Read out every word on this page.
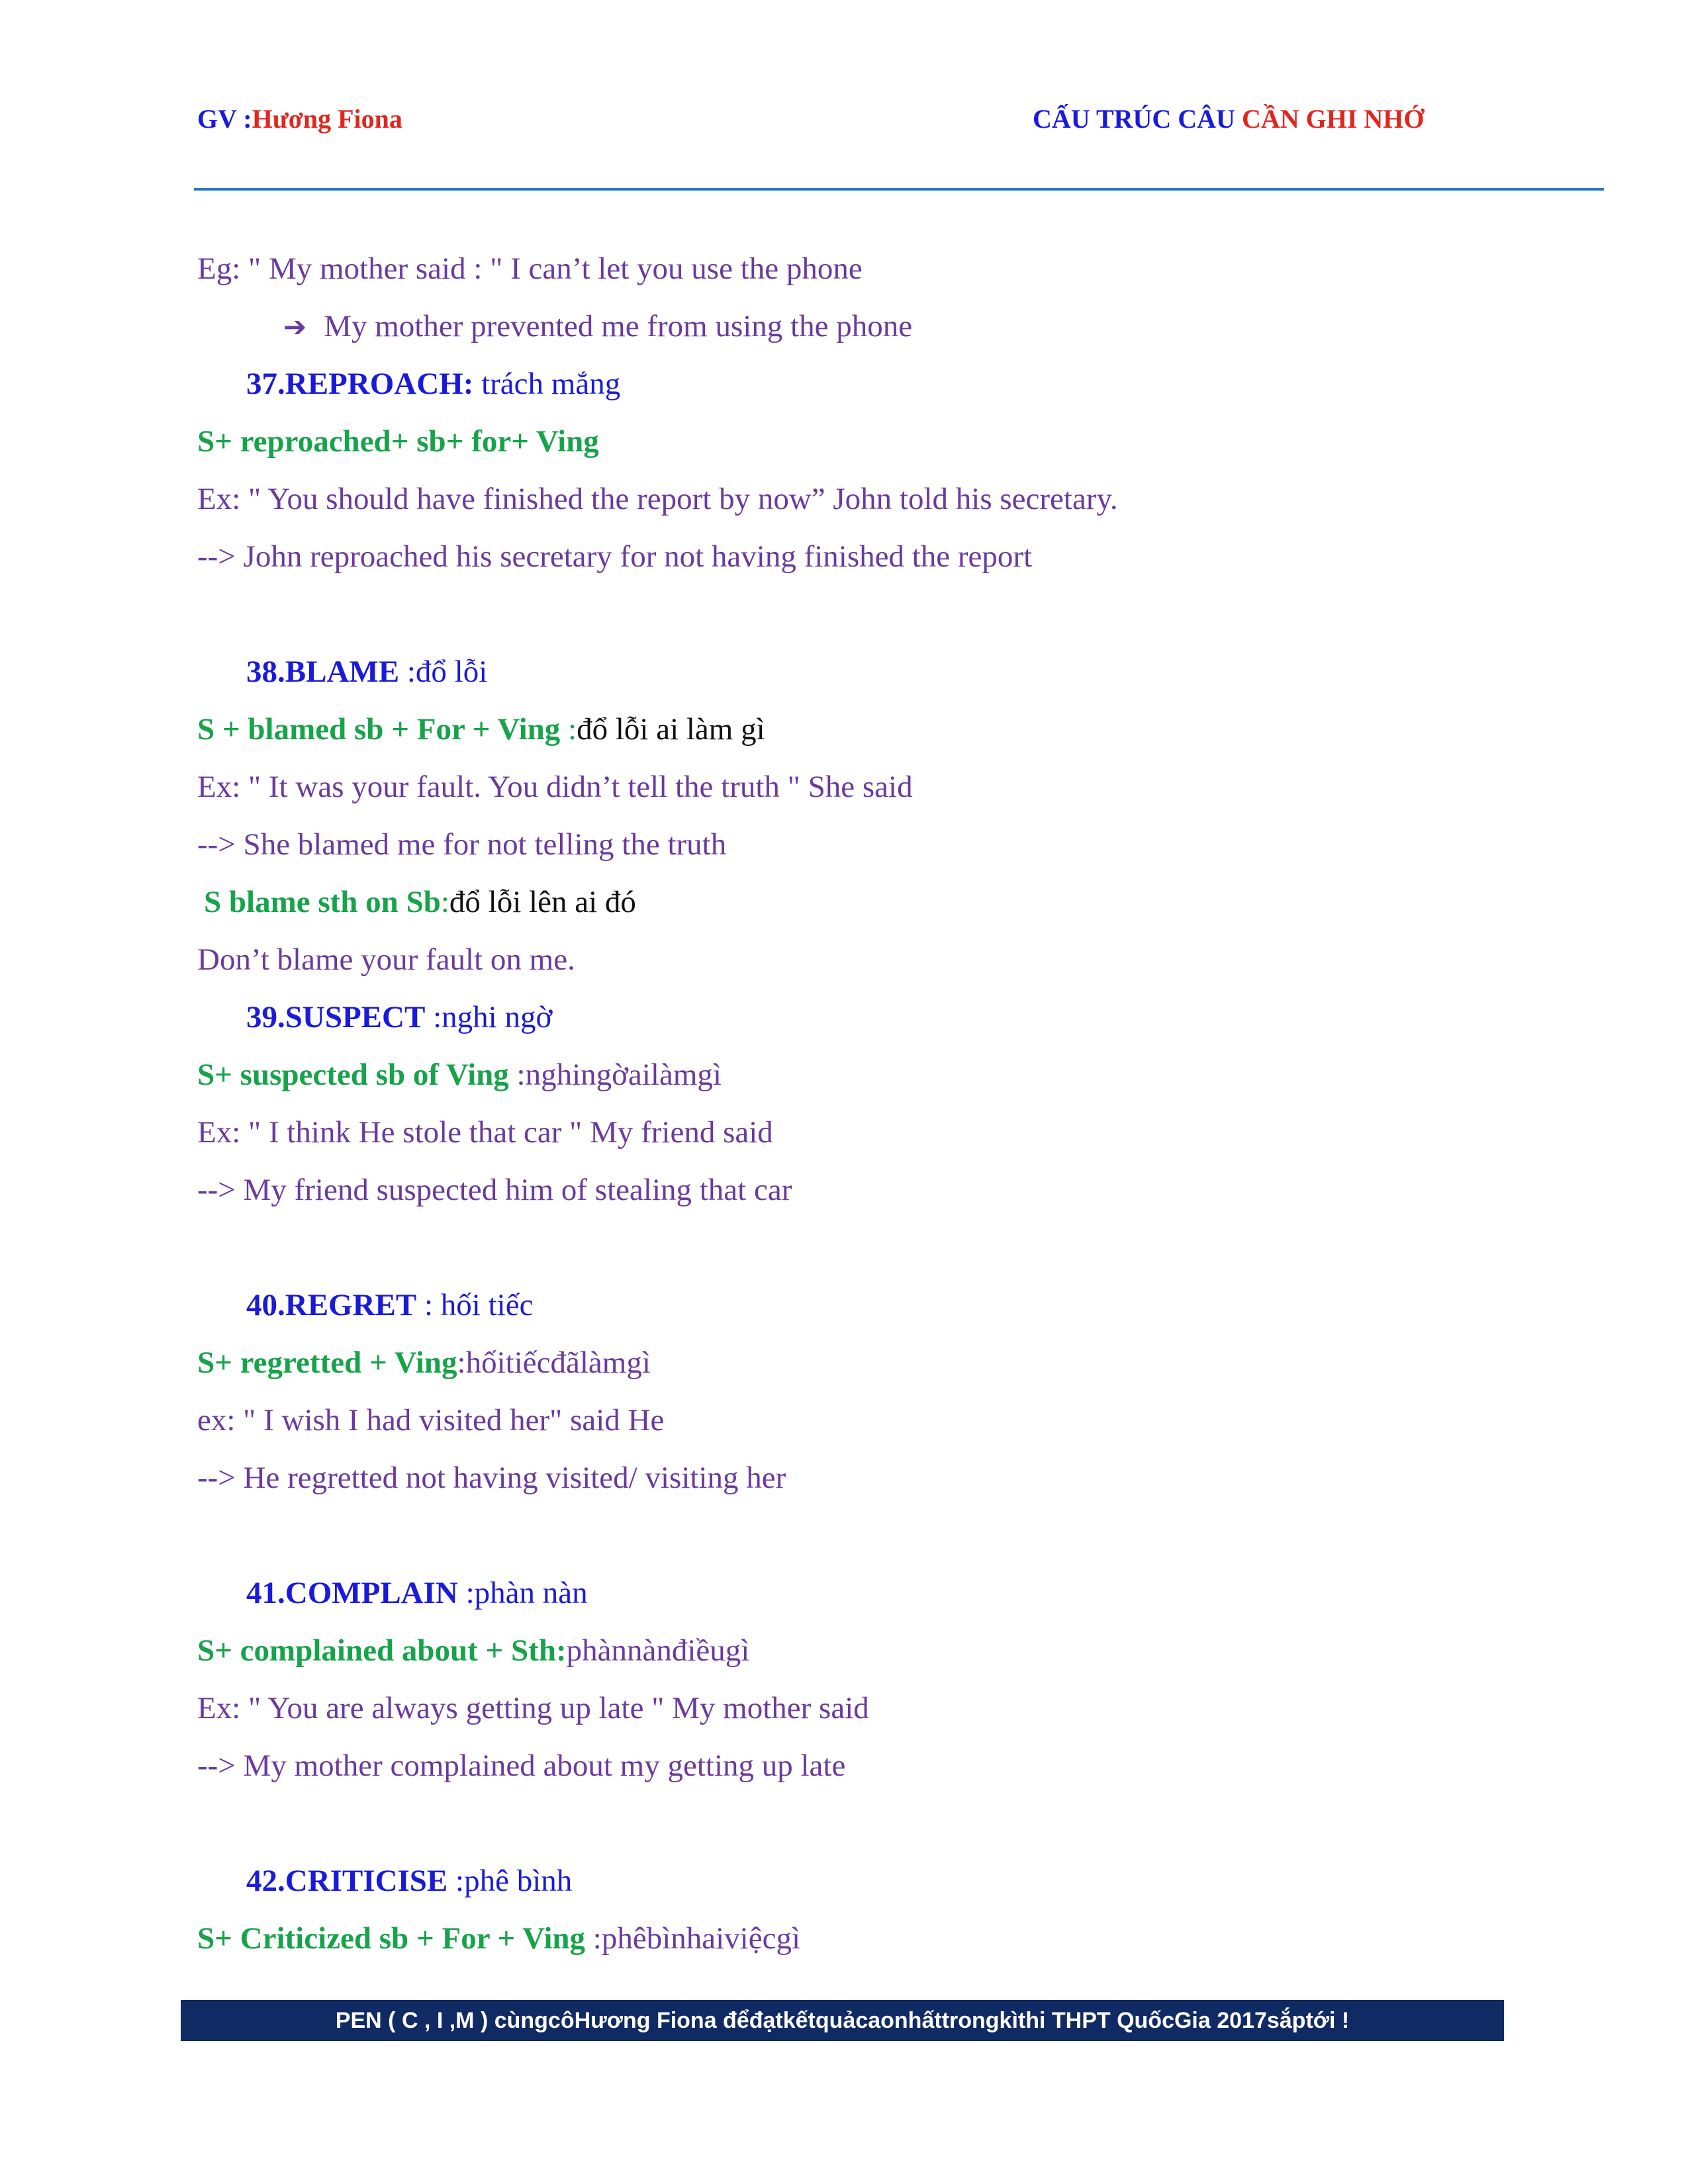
GV :Hương Fiona	CẤU TRÚC CÂU CẦN GHI NHỚ
Eg: " My mother said : " I can’t let you use the phone
➔ My mother prevented me from using the phone
37.REPROACH: trách mắng
S+ reproached+ sb+ for+ Ving
Ex: " You should have finished the report by now” John told his secretary.
--> John reproached his secretary for not having finished the report
38.BLAME :đổ lỗi
S + blamed sb + For + Ving :đổ lỗi ai làm gì
Ex: " It was your fault. You didn’t tell the truth " She said
--> She blamed me for not telling the truth
S blame sth on Sb:đổ lỗi lên ai đó
Don’t blame your fault on me.
39.SUSPECT :nghi ngờ
S+ suspected sb of Ving :nghingờailàmgì
Ex: " I think He stole that car " My friend said
--> My friend suspected him of stealing that car
40.REGRET : hối tiếc
S+ regretted + Ving:hốitiếcđãlàmgì
ex: " I wish I had visited her" said He
--> He regretted not having visited/ visiting her
41.COMPLAIN :phàn nàn
S+ complained about + Sth:phànnànđiềugì
Ex: " You are always getting up late " My mother said
--> My mother complained about my getting up late
42.CRITICISE :phê bình
S+ Criticized sb + For + Ving :phêbìnhaiviệcgì
PEN ( C , I ,M ) cùngcôHương Fiona đểđạtkếtquảcaonhấttrongkìthi THPT QuốcGia 2017sắptới !
